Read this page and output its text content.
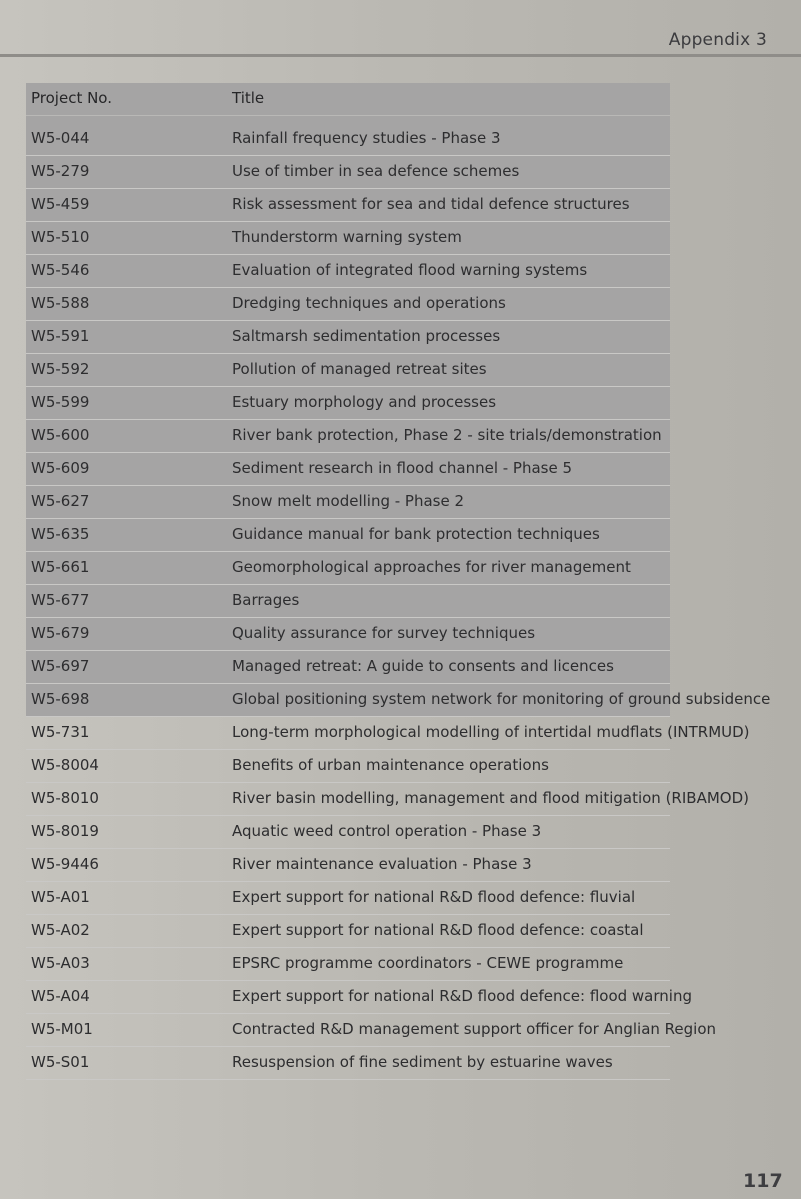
Appendix 3
Project No.	Title
W5-044	Rainfall frequency studies - Phase 3
W5-279	Use of timber in sea defence schemes
W5-459	Risk assessment for sea and tidal defence structures
W5-510	Thunderstorm warning system
W5-546	Evaluation of integrated flood warning systems
W5-588	Dredging techniques and operations
W5-591	Saltmarsh sedimentation processes
W5-592	Pollution of managed retreat sites
W5-599	Estuary morphology and processes
W5-600	River bank protection, Phase 2 - site trials/demonstration
W5-609	Sediment research in flood channel - Phase 5
W5-627	Snow melt modelling - Phase 2
W5-635	Guidance manual for bank protection techniques
W5-661	Geomorphological approaches for river management
W5-677	Barrages
W5-679	Quality assurance for survey techniques
W5-697	Managed retreat: A guide to consents and licences
W5-698	Global positioning system network for monitoring of ground subsidence
W5-731	Long-term morphological modelling of intertidal mudflats (INTRMUD)
W5-8004	Benefits of urban maintenance operations
W5-8010	River basin modelling, management and flood mitigation (RIBAMOD)
W5-8019	Aquatic weed control operation - Phase 3
W5-9446	River maintenance evaluation - Phase 3
W5-A01	Expert support for national R&D flood defence: fluvial
W5-A02	Expert support for national R&D flood defence: coastal
W5-A03	EPSRC programme coordinators - CEWE programme
W5-A04	Expert support for national R&D flood defence: flood warning
W5-M01	Contracted R&D management support officer for Anglian Region
W5-S01	Resuspension of fine sediment by estuarine waves
117
